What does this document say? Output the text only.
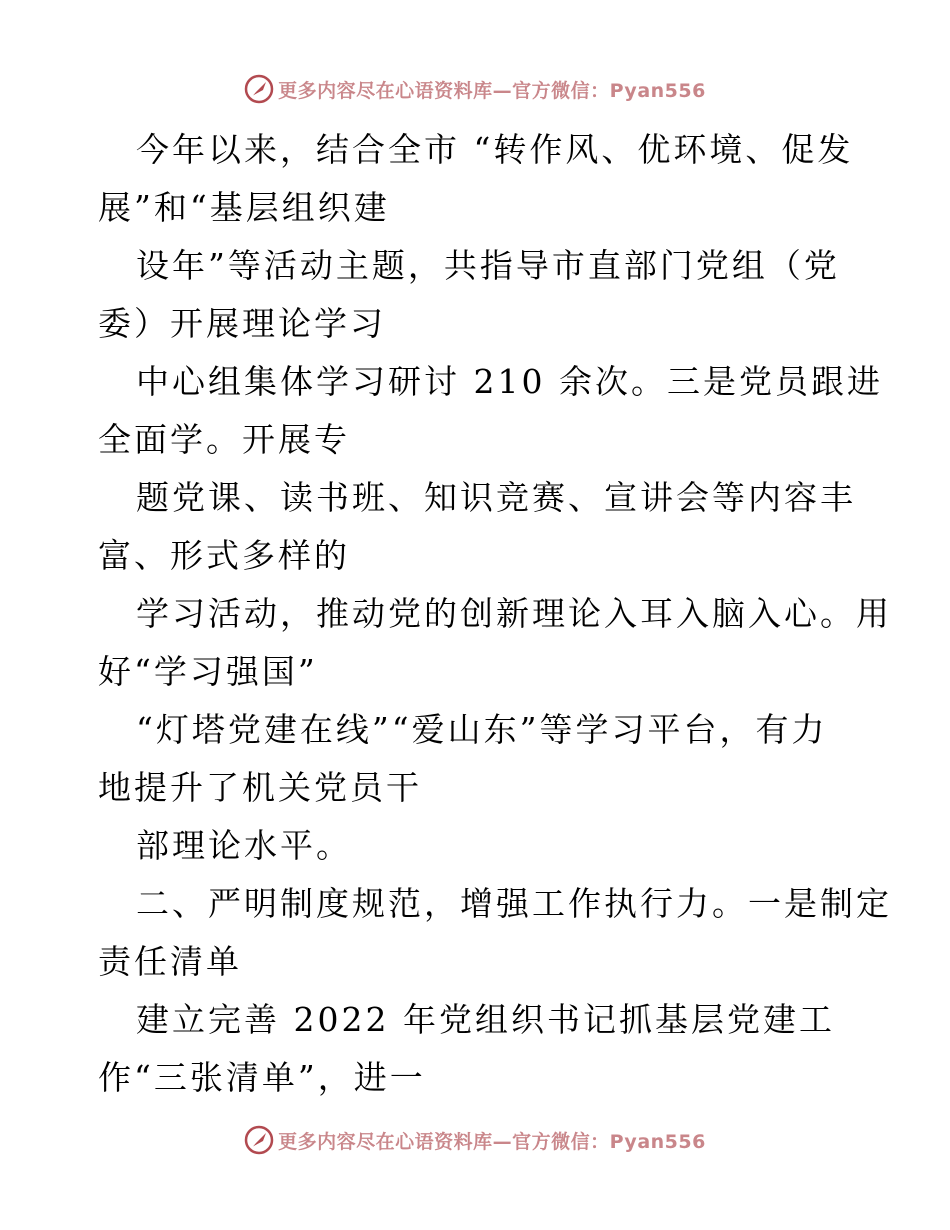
更多内容尽在心语资料库—官方微信：Pyan556
今年以来，结合全市 “转作风、优环境、促发
展”和“基层组织建
设年”等活动主题，共指导市直部门党组（党
委）开展理论学习
中心组集体学习研讨 210 余次。三是党员跟进
全面学。开展专
题党课、读书班、知识竞赛、宣讲会等内容丰
富、形式多样的
学习活动，推动党的创新理论入耳入脑入心。用
好“学习强国”
“灯塔党建在线”“爱山东”等学习平台，有力
地提升了机关党员干
部理论水平。
二、严明制度规范，增强工作执行力。一是制定
责任清单
建立完善 2022 年党组织书记抓基层党建工
作“三张清单”，进一
更多内容尽在心语资料库—官方微信：Pyan556
